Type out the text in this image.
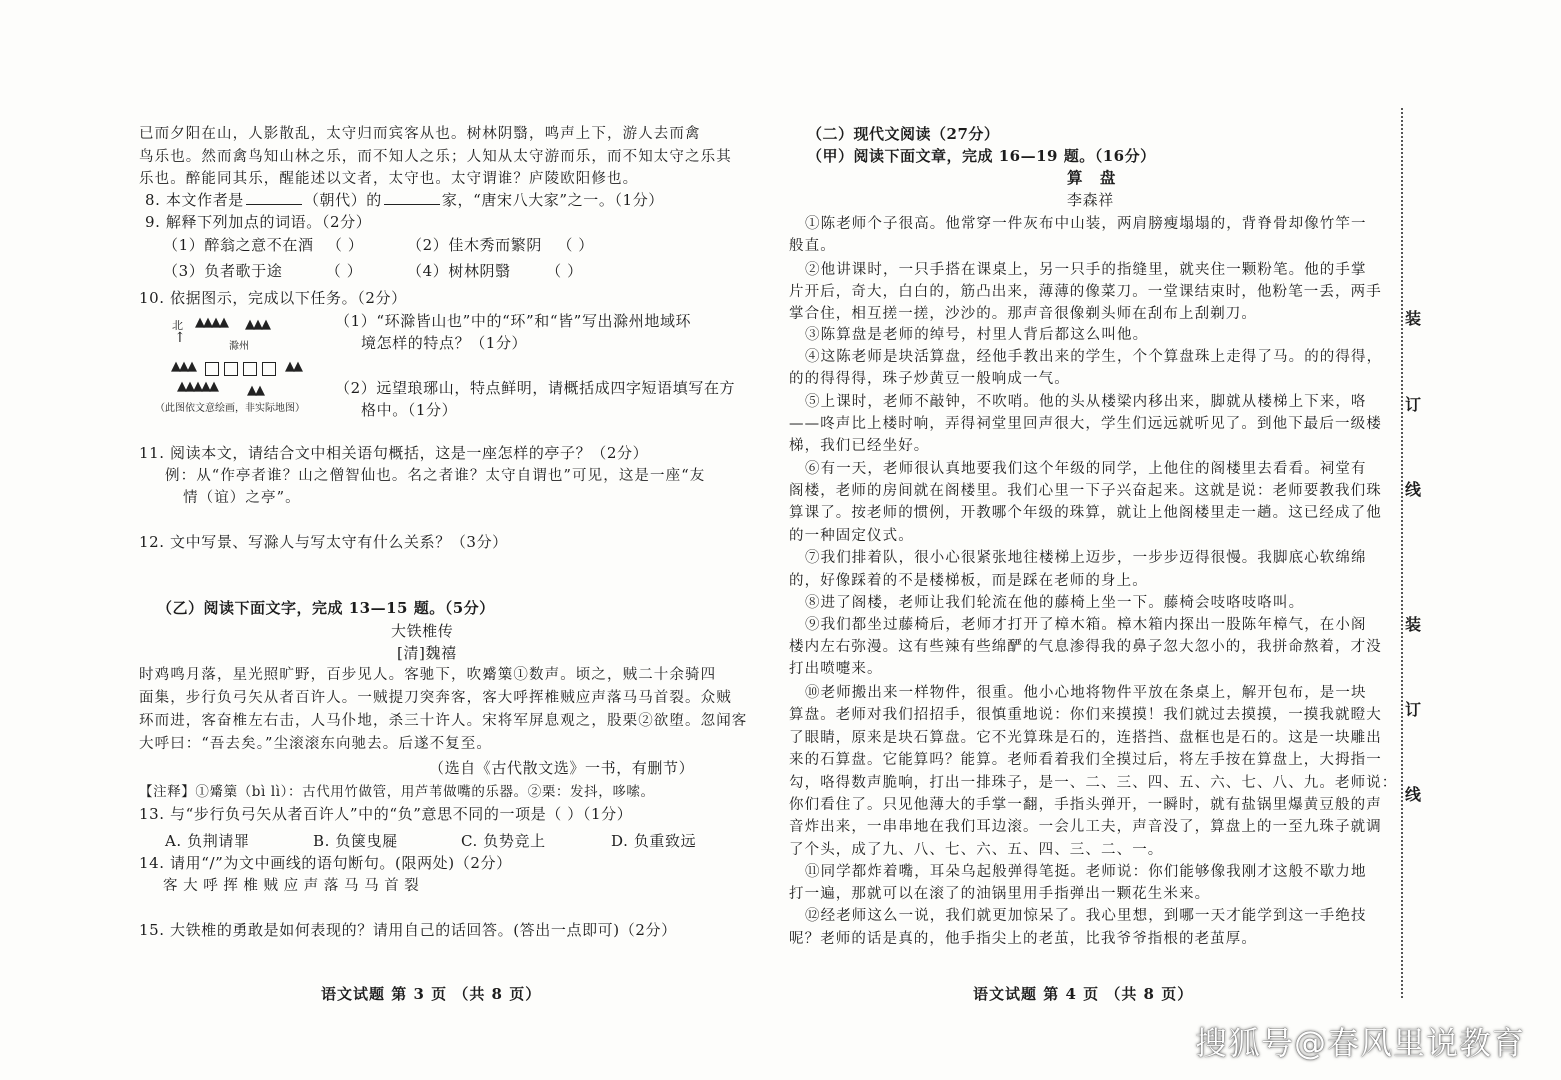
已而夕阳在山，人影散乱，太守归而宾客从也。树林阴翳，鸣声上下，游人去而禽
鸟乐也。然而禽鸟知山林之乐，而不知人之乐；人知从太守游而乐，而不知太守之乐其
乐也。醉能同其乐，醒能述以文者，太守也。太守谓谁？庐陵欧阳修也。
8. 本文作者是	（朝代）的	家，“唐宋八大家”之一。（1分）
9. 解释下列加点的词语。（2分）
（1）醉翁之意不在酒 （ ）	（2）佳木秀而繁阴 （ ）
（3）负者歌于途	（ ）	（4）树林阴翳 （ ）
10. 依据图示，完成以下任务。（2分）
（1）“环滁皆山也”中的“环”和“皆”写出滁州地域环
境怎样的特点？（1分）
（2）远望琅琊山，特点鲜明，请概括成四字短语填写在方
格中。（1分）
11. 阅读本文，请结合文中相关语句概括，这是一座怎样的亭子？（2分）
例：从“作亭者谁？山之僧智仙也。名之者谁？太守自谓也”可见，这是一座“友
情（谊）之亭”。
12. 文中写景、写滁人与写太守有什么关系？（3分）
（乙）阅读下面文字，完成 13—15 题。（5分）
大铁椎传
[清]魏禧
时鸡鸣月落，星光照旷野，百步见人。客驰下，吹觱篥①数声。顷之，贼二十余骑四
面集，步行负弓矢从者百许人。一贼提刀突奔客，客大呼挥椎贼应声落马马首裂。众贼
环而进，客奋椎左右击，人马仆地，杀三十许人。宋将军屏息观之，股栗②欲堕。忽闻客
大呼曰：“吾去矣。”尘滚滚东向驰去。后遂不复至。
（选自《古代散文选》一书，有删节）
【注释】①觱篥（bì lì）：古代用竹做管，用芦苇做嘴的乐器。②栗：发抖，哆嗦。
13. 与“步行负弓矢从者百许人”中的“负”意思不同的一项是（ ）（1分）
A. 负荆请罪	B. 负箧曳屣	C. 负势竞上	D. 负重致远
14. 请用“/”为文中画线的语句断句。(限两处)（2分）
客 大 呼 挥 椎 贼 应 声 落 马 马 首 裂
15. 大铁椎的勇敢是如何表现的？请用自己的话回答。(答出一点即可)（2分）
语文试题 第 3 页 （共 8 页）
北
↑
▲▲▲▲ ▲▲▲
滁州
▲▲▲	▲▲
▲▲▲▲▲ ▲▲
（此图依文意绘画，非实际地图）
（二）现代文阅读（27分）
（甲）阅读下面文章，完成 16—19 题。（16分）
算 盘
李森祥
①陈老师个子很高。他常穿一件灰布中山装，两肩膀瘦塌塌的，背脊骨却像竹竿一
般直。
②他讲课时，一只手搭在课桌上，另一只手的指缝里，就夹住一颗粉笔。他的手掌
片开后，奇大，白白的，筋凸出来，薄薄的像菜刀。一堂课结束时，他粉笔一丢，两手
掌合住，相互搓一搓，沙沙的。那声音很像剃头师在刮布上刮剃刀。
③陈算盘是老师的绰号，村里人背后都这么叫他。
④这陈老师是块活算盘，经他手教出来的学生，个个算盘珠上走得了马。的的得得，
的的得得得，珠子炒黄豆一般响成一气。
⑤上课时，老师不敲钟，不吹哨。他的头从楼梁内移出来，脚就从楼梯上下来，咯
——咚声比上楼时响，弄得祠堂里回声很大，学生们远远就听见了。到他下最后一级楼
梯，我们已经坐好。
⑥有一天，老师很认真地要我们这个年级的同学，上他住的阁楼里去看看。祠堂有
阁楼，老师的房间就在阁楼里。我们心里一下子兴奋起来。这就是说：老师要教我们珠
算课了。按老师的惯例，开教哪个年级的珠算，就让上他阁楼里走一趟。这已经成了他
的一种固定仪式。
⑦我们排着队，很小心很紧张地往楼梯上迈步，一步步迈得很慢。我脚底心软绵绵
的，好像踩着的不是楼梯板，而是踩在老师的身上。
⑧进了阁楼，老师让我们轮流在他的藤椅上坐一下。藤椅会吱咯吱咯叫。
⑨我们都坐过藤椅后，老师才打开了樟木箱。樟木箱内探出一股陈年樟气，在小阁
楼内左右弥漫。这有些辣有些绵酽的气息渗得我的鼻子忽大忽小的，我拼命熬着，才没
打出喷嚏来。
⑩老师搬出来一样物件，很重。他小心地将物件平放在条桌上，解开包布，是一块
算盘。老师对我们招招手，很慎重地说：你们来摸摸！我们就过去摸摸，一摸我就瞪大
了眼睛，原来是块石算盘。它不光算珠是石的，连搭挡、盘框也是石的。这是一块雕出
来的石算盘。它能算吗？能算。老师看着我们全摸过后，将左手按在算盘上，大拇指一
勾，咯得数声脆响，打出一排珠子，是一、二、三、四、五、六、七、八、九。老师说：
你们看住了。只见他薄大的手掌一翻，手指头弹开，一瞬时，就有盐锅里爆黄豆般的声
音炸出来，一串串地在我们耳边滚。一会儿工夫，声音没了，算盘上的一至九珠子就调
了个头，成了九、八、七、六、五、四、三、二、一。
⑪同学都炸着嘴，耳朵乌起般弹得笔挺。老师说：你们能够像我刚才这般不歇力地
打一遍，那就可以在滚了的油锅里用手指弹出一颗花生米来。
⑫经老师这么一说，我们就更加惊呆了。我心里想，到哪一天才能学到这一手绝技
呢？老师的话是真的，他手指尖上的老茧，比我爷爷指根的老茧厚。
语文试题 第 4 页 （共 8 页）
装
订
线
装
订
线
搜狐号@春风里说教育
